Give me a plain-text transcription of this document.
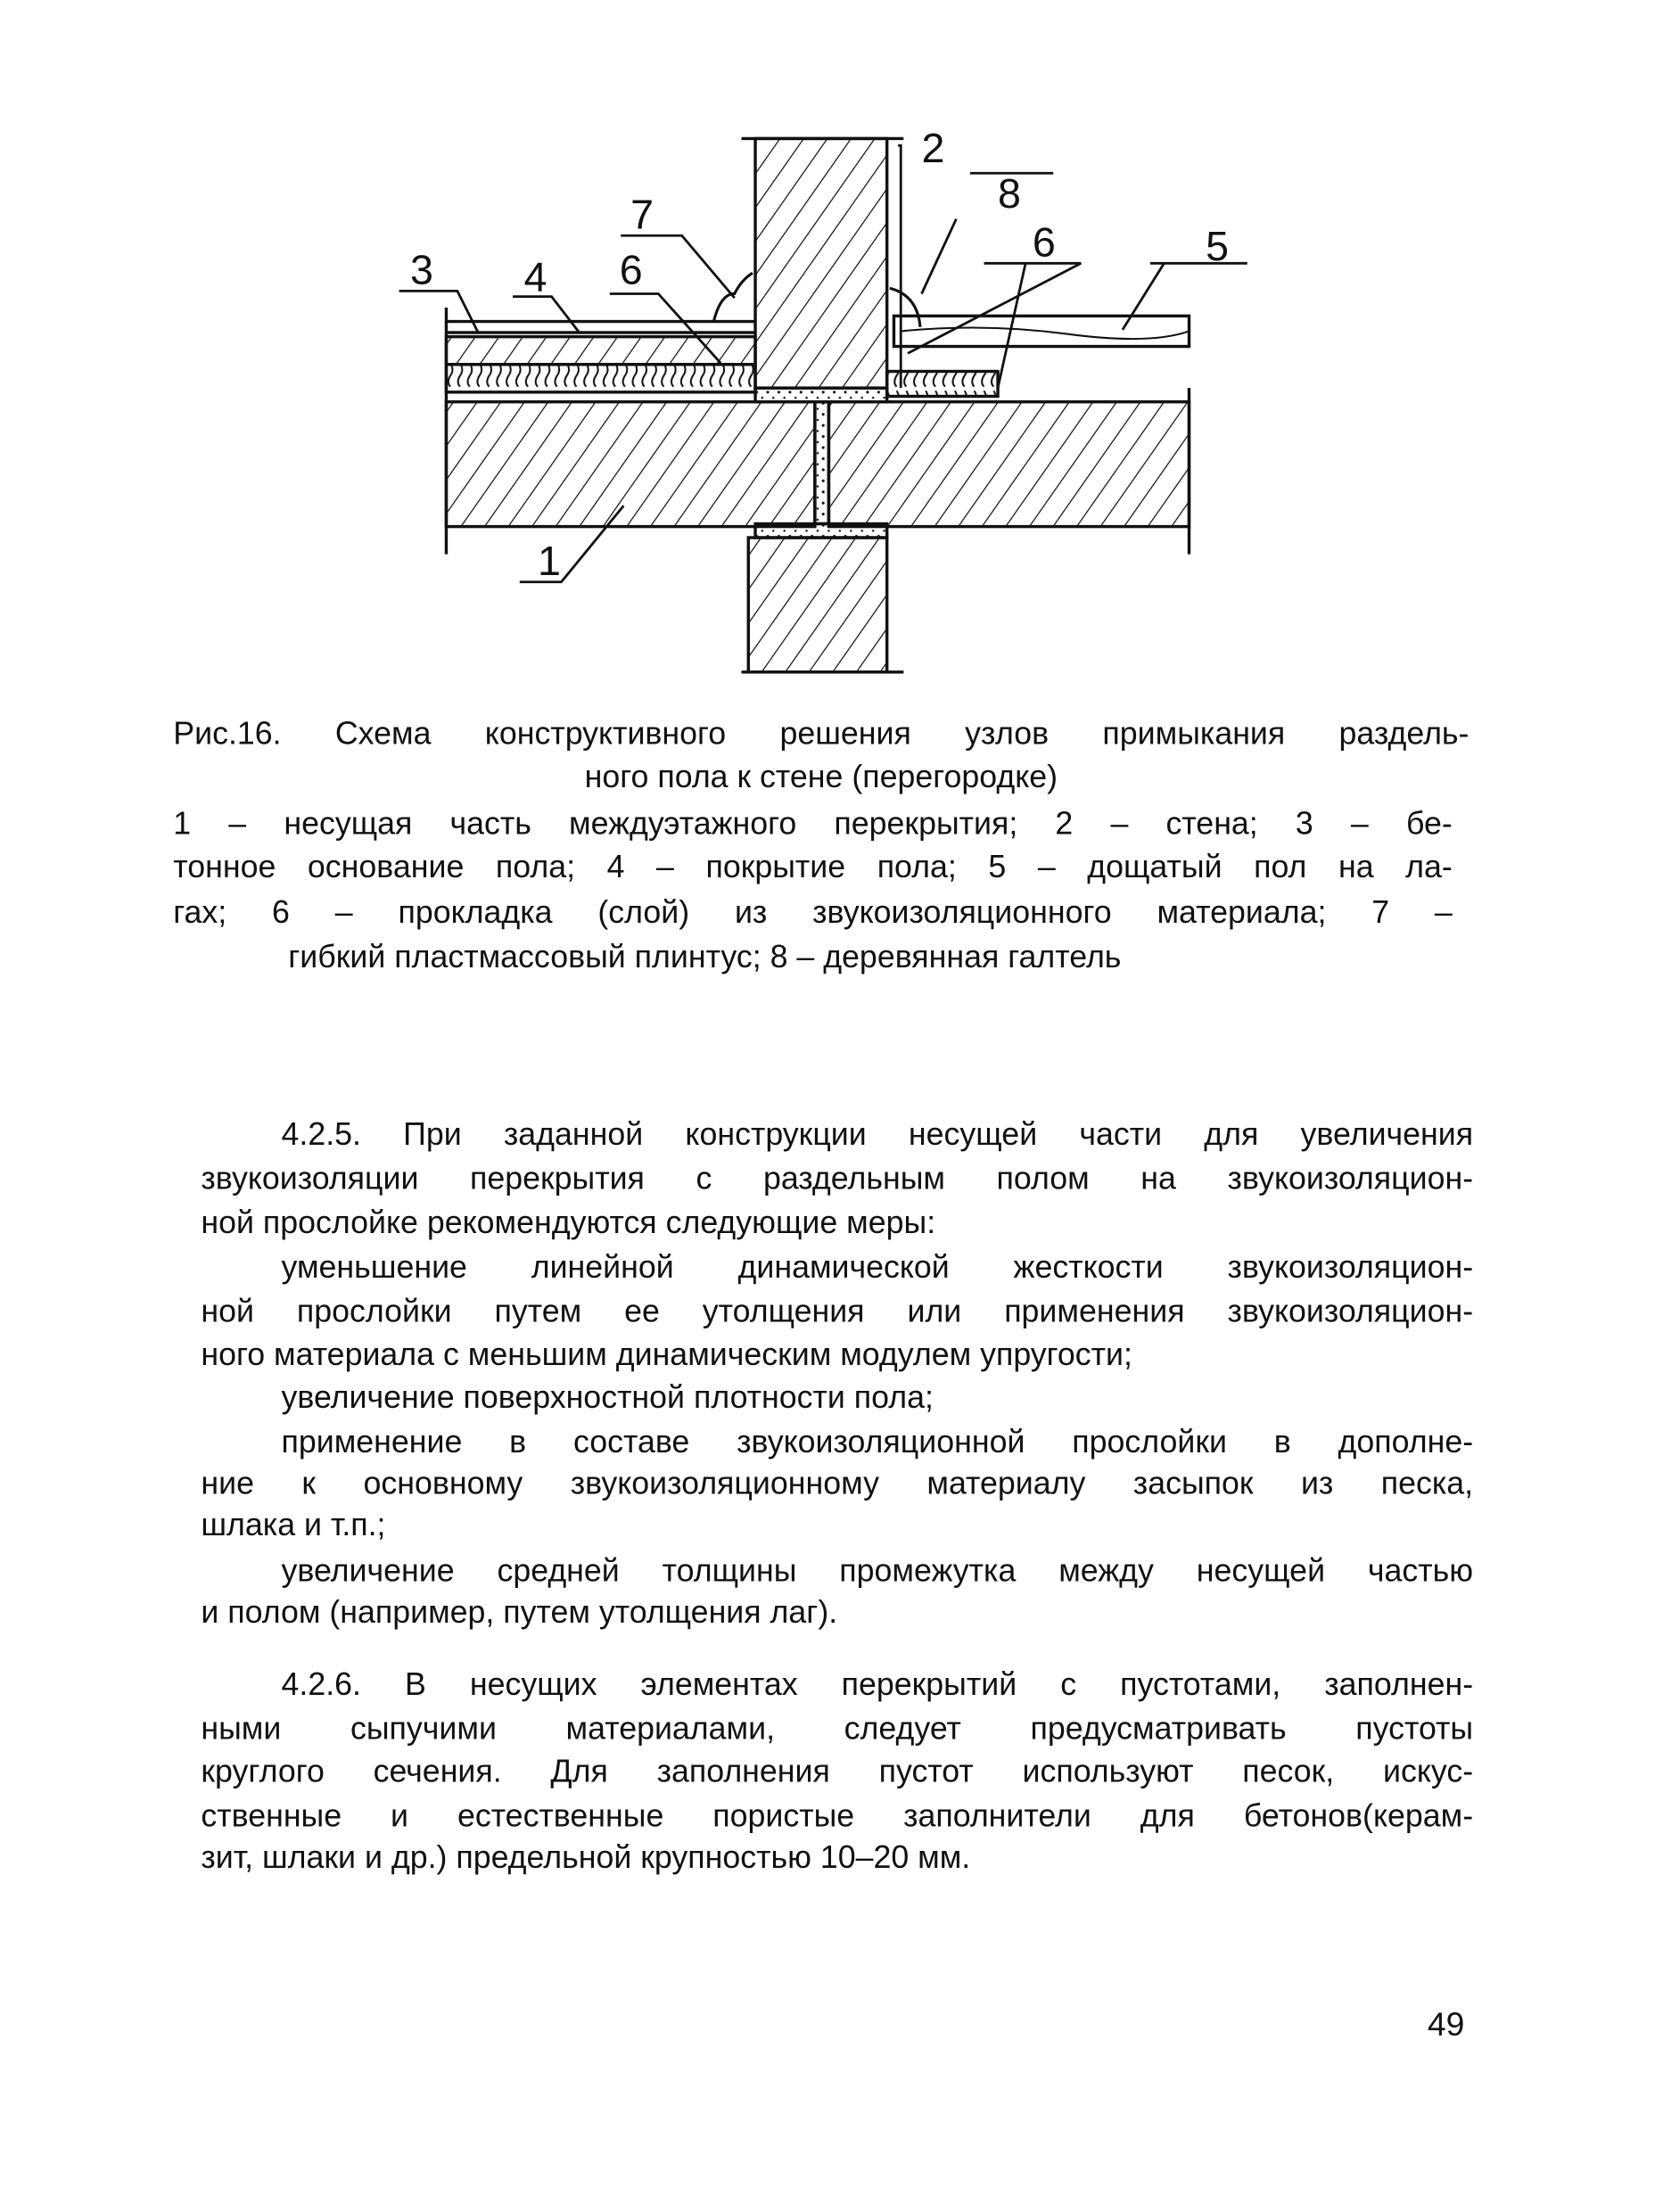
3	4	6
7
2
8
6	5
1
Рис.16. Схема конструктивного решения узлов примыкания раздель-
ного пола к стене (перегородке)
1 – несущая часть междуэтажного перекрытия; 2 – стена; 3 – бе-
тонное основание пола; 4 – покрытие пола; 5 – дощатый пол на ла-
гах; 6 – прокладка (слой) из звукоизоляционного материала; 7 –
гибкий пластмассовый плинтус; 8 – деревянная галтель
4.2.5. При заданной конструкции несущей части для увеличения
звукоизоляции перекрытия с раздельным полом на звукоизоляцион-
ной прослойке рекомендуются следующие меры:
уменьшение линейной динамической жесткости звукоизоляцион-
ной прослойки путем ее утолщения или применения звукоизоляцион-
ного материала с меньшим динамическим модулем упругости;
увеличение поверхностной плотности пола;
применение в составе звукоизоляционной прослойки в дополне-
ние к основному звукоизоляционному материалу засыпок из песка,
шлака и т.п.;
увеличение средней толщины промежутка между несущей частью
и полом (например, путем утолщения лаг).
4.2.6. В несущих элементах перекрытий с пустотами, заполнен-
ными сыпучими материалами, следует предусматривать пустоты
круглого сечения. Для заполнения пустот используют песок, искус-
ственные и естественные пористые заполнители для бетонов(керам-
зит, шлаки и др.) предельной крупностью 10–20 мм.
49
